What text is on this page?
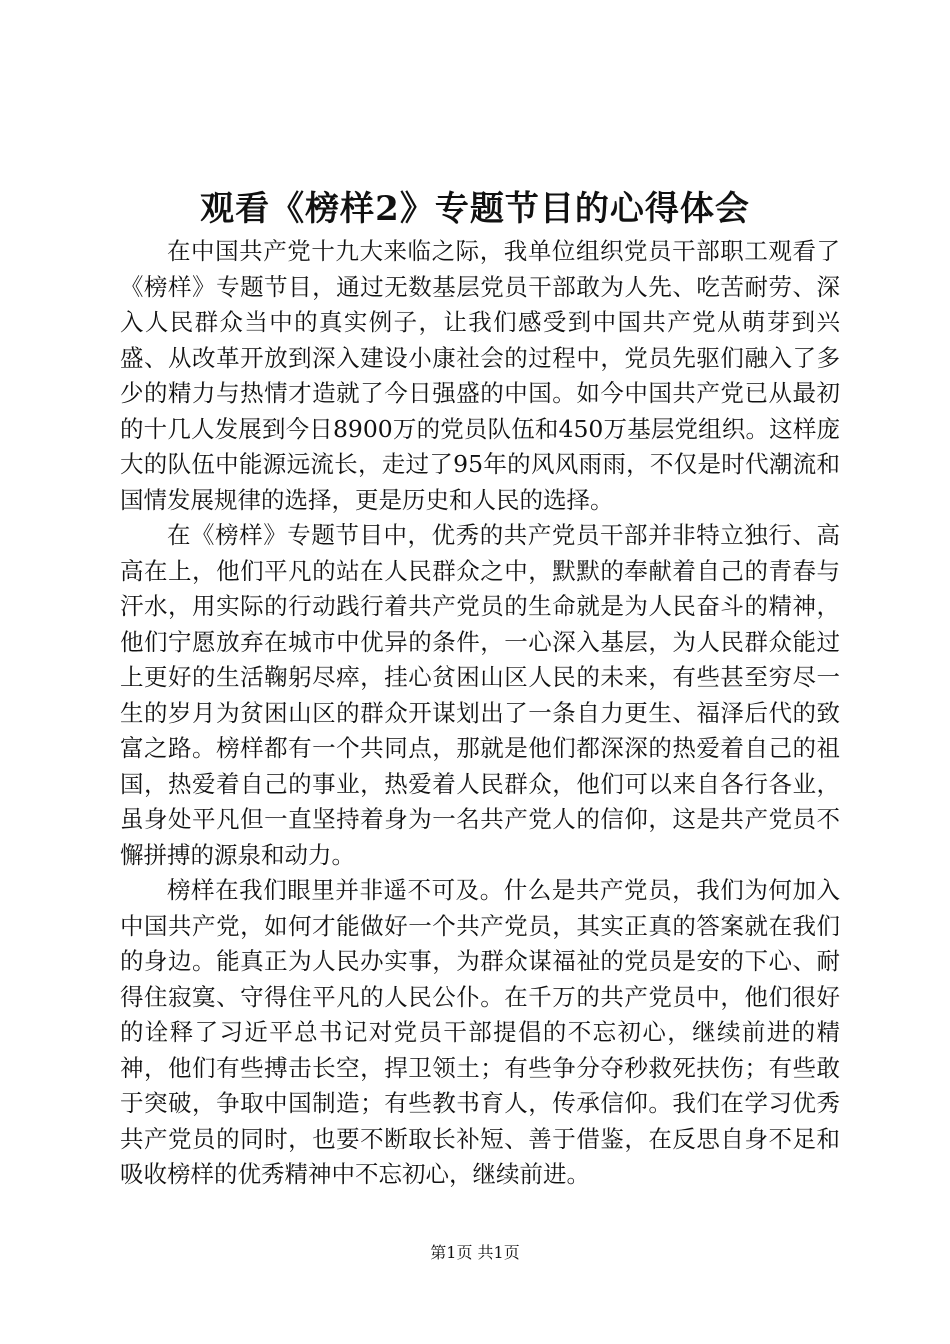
观看《榜样2》专题节目的心得体会

在中国共产党十九大来临之际，我单位组织党员干部职工观看了《榜样》专题节目，通过无数基层党员干部敢为人先、吃苦耐劳、深入人民群众当中的真实例子，让我们感受到中国共产党从萌芽到兴盛、从改革开放到深入建设小康社会的过程中，党员先驱们融入了多少的精力与热情才造就了今日强盛的中国。如今中国共产党已从最初的十几人发展到今日8900万的党员队伍和450万基层党组织。这样庞大的队伍中能源远流长，走过了95年的风风雨雨，不仅是时代潮流和国情发展规律的选择，更是历史和人民的选择。

在《榜样》专题节目中，优秀的共产党员干部并非特立独行、高高在上，他们平凡的站在人民群众之中，默默的奉献着自己的青春与汗水，用实际的行动践行着共产党员的生命就是为人民奋斗的精神，他们宁愿放弃在城市中优异的条件，一心深入基层，为人民群众能过上更好的生活鞠躬尽瘁，挂心贫困山区人民的未来，有些甚至穷尽一生的岁月为贫困山区的群众开谋划出了一条自力更生、福泽后代的致富之路。榜样都有一个共同点，那就是他们都深深的热爱着自己的祖国，热爱着自己的事业，热爱着人民群众，他们可以来自各行各业，虽身处平凡但一直坚持着身为一名共产党人的信仰，这是共产党员不懈拼搏的源泉和动力。

榜样在我们眼里并非遥不可及。什么是共产党员，我们为何加入中国共产党，如何才能做好一个共产党员，其实正真的答案就在我们的身边。能真正为人民办实事，为群众谋福祉的党员是安的下心、耐得住寂寞、守得住平凡的人民公仆。在千万的共产党员中，他们很好的诠释了习近平总书记对党员干部提倡的不忘初心，继续前进的精神，他们有些搏击长空，捍卫领土；有些争分夺秒救死扶伤；有些敢于突破，争取中国制造；有些教书育人，传承信仰。我们在学习优秀共产党员的同时，也要不断取长补短、善于借鉴，在反思自身不足和吸收榜样的优秀精神中不忘初心，继续前进。

第1页 共1页
